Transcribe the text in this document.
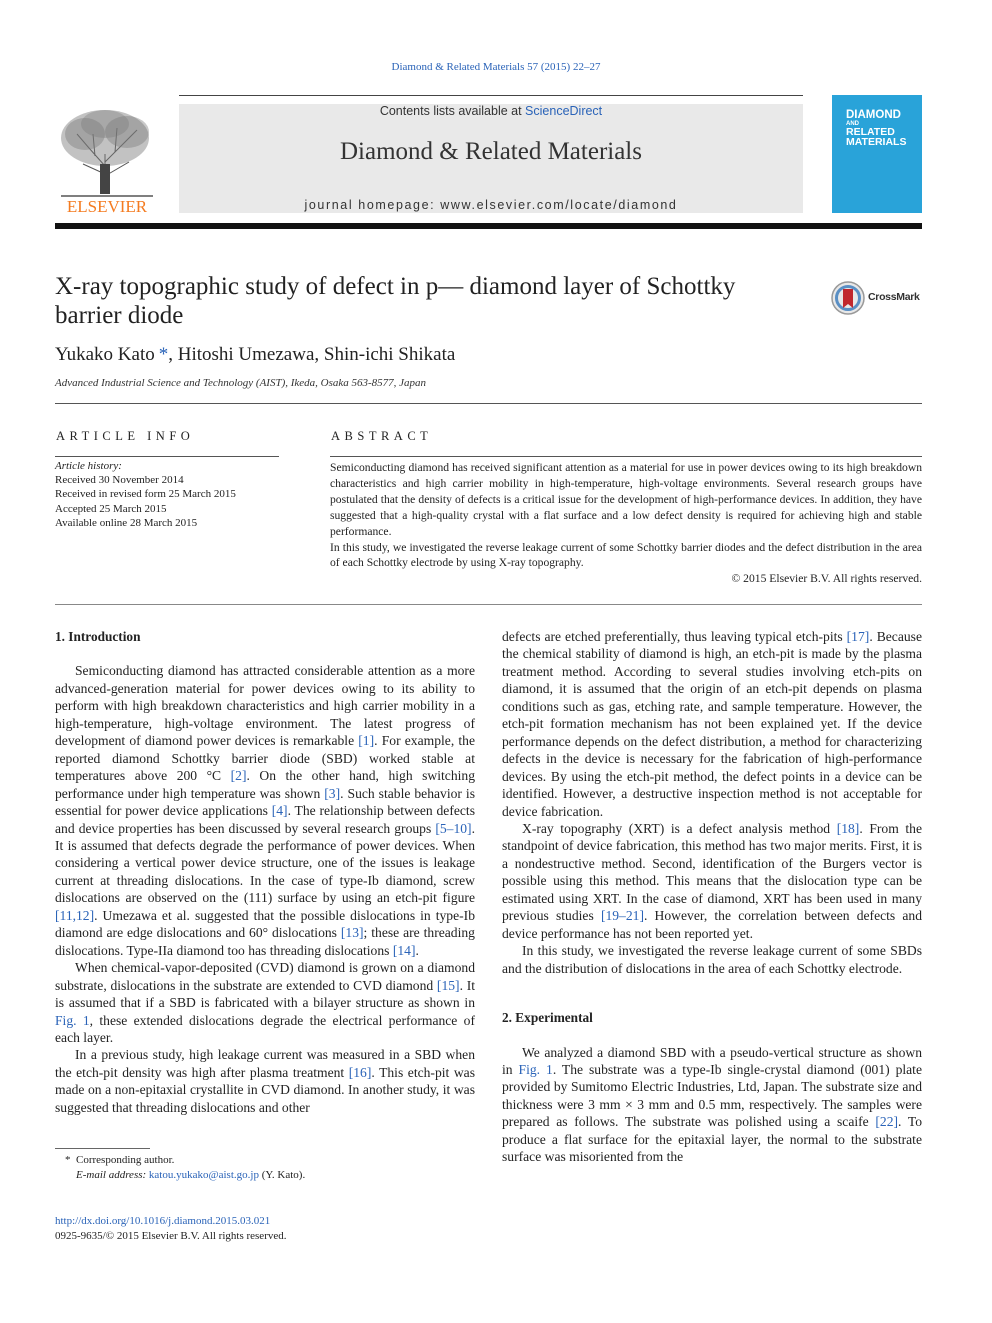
Diamond & Related Materials 57 (2015) 22–27
ELSEVIER
Contents lists available at ScienceDirect
Diamond & Related Materials
journal homepage: www.elsevier.com/locate/diamond
DIAMOND
AND
RELATED
MATERIALS
X-ray topographic study of defect in p— diamond layer of Schottky barrier diode
CrossMark
Yukako Kato *, Hitoshi Umezawa, Shin-ichi Shikata
Advanced Industrial Science and Technology (AIST), Ikeda, Osaka 563-8577, Japan
ARTICLE INFO
Article history:
Received 30 November 2014
Received in revised form 25 March 2015
Accepted 25 March 2015
Available online 28 March 2015
ABSTRACT

Semiconducting diamond has received significant attention as a material for use in power devices owing to its high breakdown characteristics and high carrier mobility in high-temperature, high-voltage environments. Several research groups have postulated that the density of defects is a critical issue for the development of high-performance devices. In addition, they have suggested that a high-quality crystal with a flat surface and a low defect density is required for achieving high and stable performance.

In this study, we investigated the reverse leakage current of some Schottky barrier diodes and the defect distribution in the area of each Schottky electrode by using X-ray topography.

© 2015 Elsevier B.V. All rights reserved.

1. Introduction

Semiconducting diamond has attracted considerable attention as a more advanced-generation material for power devices owing to its ability to perform with high breakdown characteristics and high carrier mobility in a high-temperature, high-voltage environment. The latest progress of development of diamond power devices is remarkable [1]. For example, the reported diamond Schottky barrier diode (SBD) worked stable at temperatures above 200 °C [2]. On the other hand, high switching performance under high temperature was shown [3]. Such stable behavior is essential for power device applications [4]. The relationship between defects and device properties has been discussed by several research groups [5–10]. It is assumed that defects degrade the performance of power devices. When considering a vertical power device structure, one of the issues is leakage current at threading dislocations. In the case of type-Ib diamond, screw dislocations are observed on the (111) surface by using an etch-pit figure [11,12]. Umezawa et al. suggested that the possible dislocations in type-Ib diamond are edge dislocations and 60° dislocations [13]; these are threading dislocations. Type-IIa diamond too has threading dislocations [14].

When chemical-vapor-deposited (CVD) diamond is grown on a diamond substrate, dislocations in the substrate are extended to CVD diamond [15]. It is assumed that if a SBD is fabricated with a bilayer structure as shown in Fig. 1, these extended dislocations degrade the electrical performance of each layer.

In a previous study, high leakage current was measured in a SBD when the etch-pit density was high after plasma treatment [16]. This etch-pit was made on a non-epitaxial crystallite in CVD diamond. In another study, it was suggested that threading dislocations and other

defects are etched preferentially, thus leaving typical etch-pits [17]. Because the chemical stability of diamond is high, an etch-pit is made by the plasma treatment method. According to several studies involving etch-pits on diamond, it is assumed that the origin of an etch-pit depends on plasma conditions such as gas, etching rate, and sample temperature. However, the etch-pit formation mechanism has not been explained yet. If the device performance depends on the defect distribution, a method for characterizing defects in the device is necessary for the fabrication of high-performance devices. By using the etch-pit method, the defect points in a device can be identified. However, a destructive inspection method is not acceptable for device fabrication.

X-ray topography (XRT) is a defect analysis method [18]. From the standpoint of device fabrication, this method has two major merits. First, it is a nondestructive method. Second, identification of the Burgers vector is possible using this method. This means that the dislocation type can be estimated using XRT. In the case of diamond, XRT has been used in many previous studies [19–21]. However, the correlation between defects and device performance has not been reported yet.

In this study, we investigated the reverse leakage current of some SBDs and the distribution of dislocations in the area of each Schottky electrode.

2. Experimental

We analyzed a diamond SBD with a pseudo-vertical structure as shown in Fig. 1. The substrate was a type-Ib single-crystal diamond (001) plate provided by Sumitomo Electric Industries, Ltd, Japan. The substrate size and thickness were 3 mm × 3 mm and 0.5 mm, respectively. The samples were prepared as follows. The substrate was polished using a scaife [22]. To produce a flat surface for the epitaxial layer, the normal to the substrate surface was misoriented from the

* Corresponding author.
E-mail address: katou.yukako@aist.go.jp (Y. Kato).
http://dx.doi.org/10.1016/j.diamond.2015.03.021
0925-9635/© 2015 Elsevier B.V. All rights reserved.
